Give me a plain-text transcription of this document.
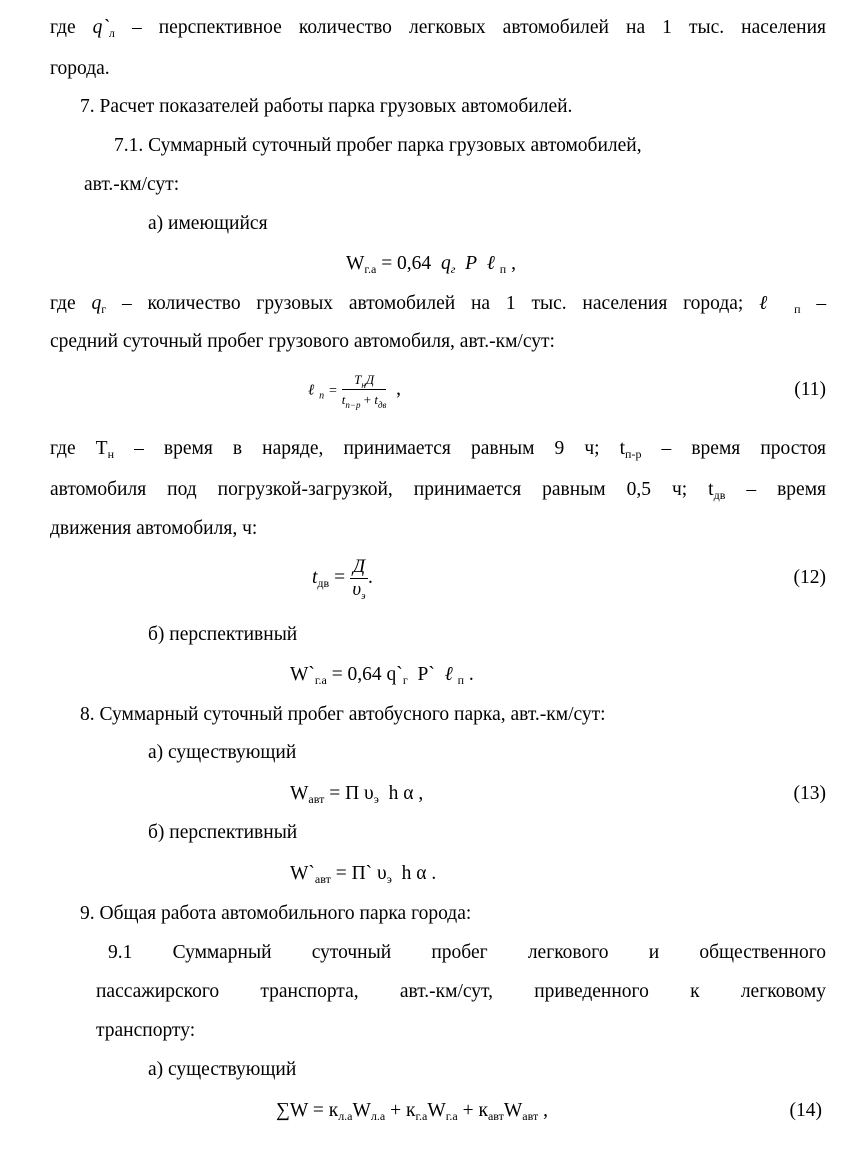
где $q`_л$ – перспективное количество легковых автомобилей на 1 тыс. населения
города.
7. Расчет показателей работы парка грузовых автомобилей.
7.1. Суммарный суточный пробег парка грузовых автомобилей,
авт.-км/сут:
а) имеющийся
$W_{г.а} = 0,64$ $q_г$ P ℓ $_п$ ,
где $q_г$ – количество грузовых автомобилей на 1 тыс. населения города; ℓ $_п$ –
средний суточный пробег грузового автомобиля, авт.-км/сут:
ℓ $_п = \frac{T_нД}{t_{п-р} + t_{дв}}$ ,	(11)
где $T_н$ – время в наряде, принимается равным 9 ч; $t_{п-р}$ – время простоя
автомобиля под погрузкой-загрузкой, принимается равным 0,5 ч; $t_{дв}$ – время
движения автомобиля, ч:
$t_{дв} = \frac{Д}{\upsilon_э}$ .	(12)
б) перспективный
$W`_{г.а} = 0,64$ $q`_г$ P` ℓ $_п$ .
8. Суммарный суточный пробег автобусного парка, авт.-км/сут:
а) существующий
$W_{авт} = П$ $\upsilon_э$ h α ,	(13)
б) перспективный
$W`_{авт}$ = П` $\upsilon_э$ h α .
9. Общая работа автомобильного парка города:
9.1 Суммарный суточный пробег легкового и общественного
пассажирского транспорта, авт.-км/сут, приведенного к легковому
транспорту:
а) существующий
$\sum W = к_{л.а}W_{л.а} + к_{г.а}W_{г.а} + к_{авт}W_{авт}$ ,	(14)
